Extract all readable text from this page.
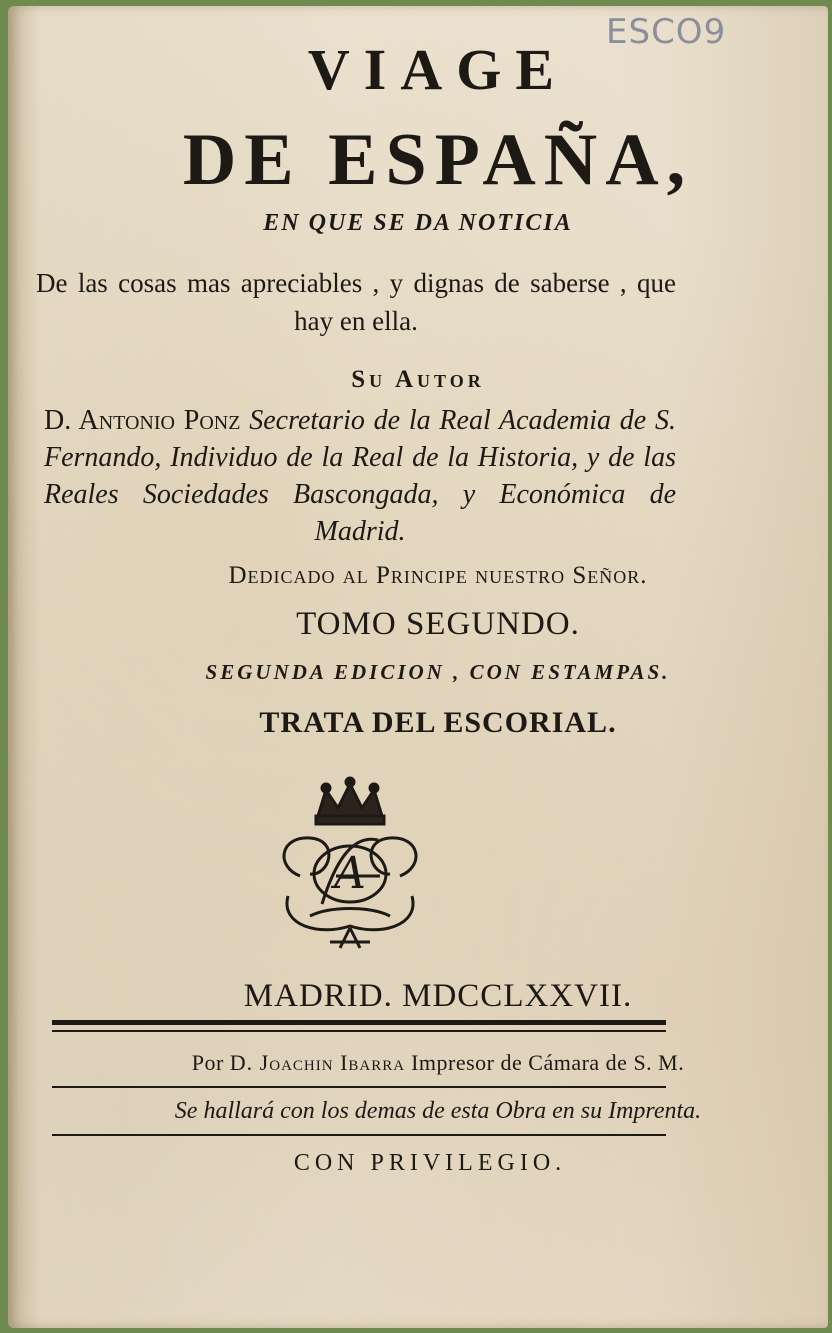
ESCO9
VIAGE
DE ESPAÑA,
EN QUE SE DA NOTICIA
De las cosas mas apreciables , y dignas de saberse , que hay en ella.
Su Autor
D. Antonio Ponz Secretario de la Real Academia de S. Fernando, Individuo de la Real de la Historia, y de las Reales Sociedades Bascongada, y Económica de Madrid.
Dedicado al Principe nuestro Señor.
TOMO SEGUNDO.
SEGUNDA EDICION , CON ESTAMPAS.
TRATA DEL ESCORIAL.
A
MADRID. MDCCLXXVII.
Por D. Joachin Ibarra Impresor de Cámara de S. M.
Se hallará con los demas de esta Obra en su Imprenta.
CON PRIVILEGIO.
